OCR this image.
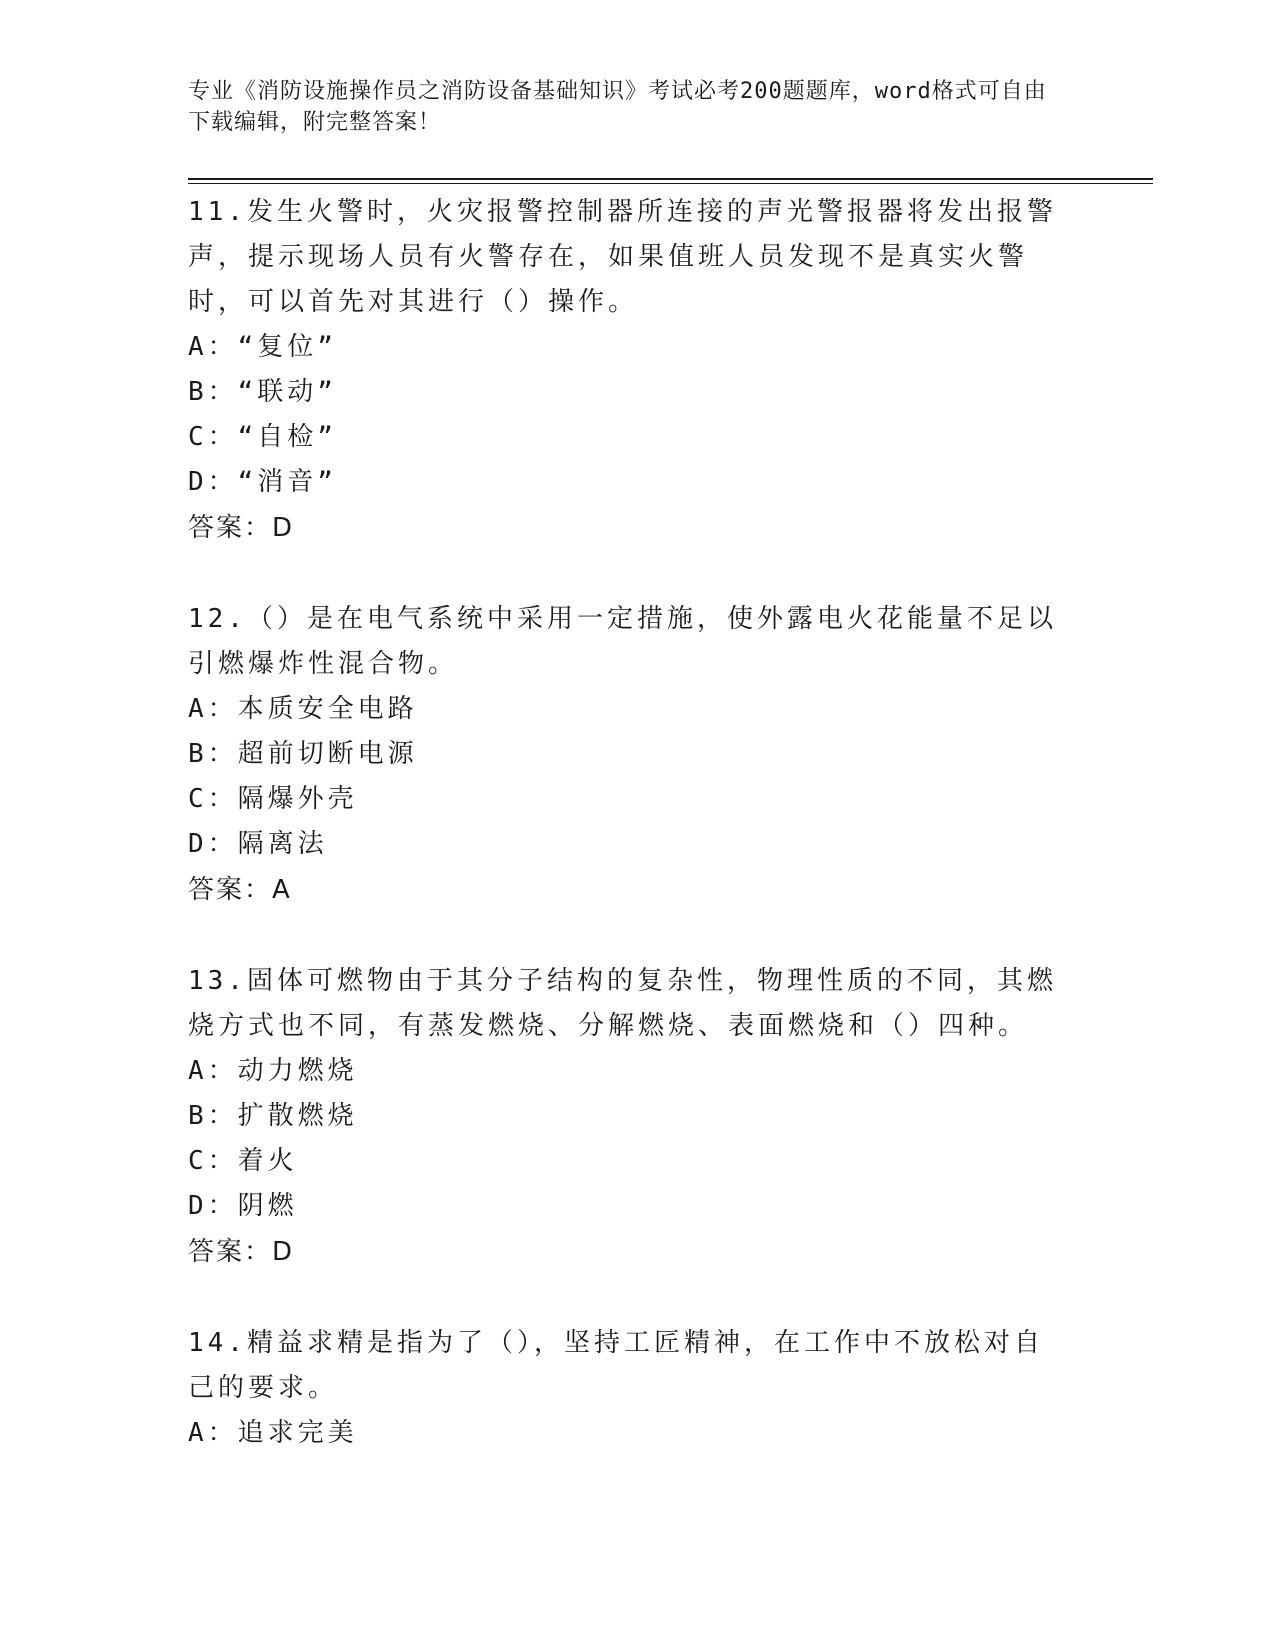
专业《消防设施操作员之消防设备基础知识》考试必考200题题库，word格式可自由下载编辑，附完整答案！

11.发生火警时，火灾报警控制器所连接的声光警报器将发出报警声，提示现场人员有火警存在，如果值班人员发现不是真实火警时，可以首先对其进行（）操作。

A：“复位”

B：“联动”

C：“自检”

D：“消音”

答案：D

12.（）是在电气系统中采用一定措施，使外露电火花能量不足以引燃爆炸性混合物。

A：本质安全电路

B：超前切断电源

C：隔爆外壳

D：隔离法

答案：A

13.固体可燃物由于其分子结构的复杂性，物理性质的不同，其燃烧方式也不同，有蒸发燃烧、分解燃烧、表面燃烧和（）四种。

A：动力燃烧

B：扩散燃烧

C：着火

D：阴燃

答案：D

14.精益求精是指为了（），坚持工匠精神，在工作中不放松对自己的要求。

A：追求完美
